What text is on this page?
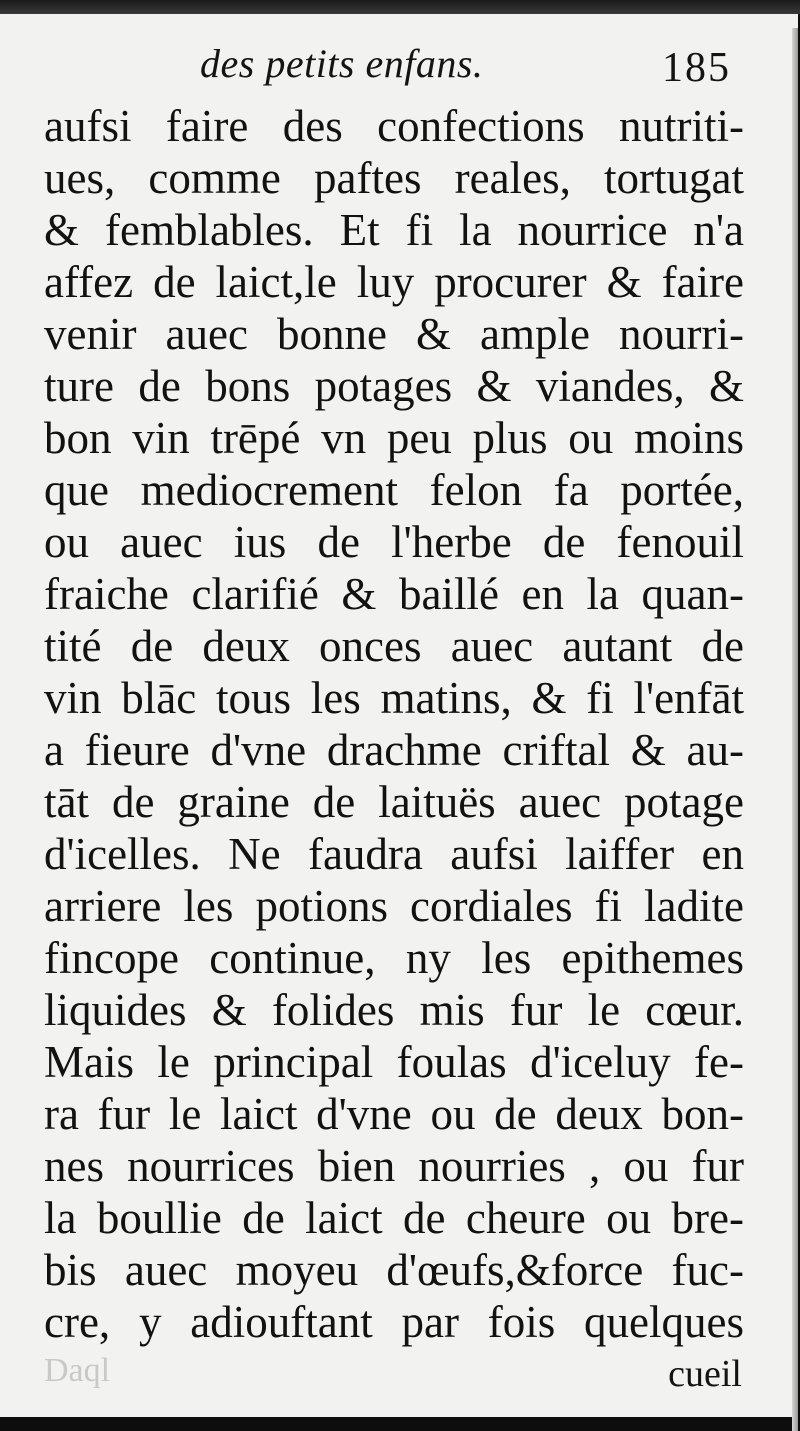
des petits enfans.	185
aufsi faire des confections nutriti-
ues, comme paftes reales, tortugat
& femblables. Et fi la nourrice n'a
affez de laict,le luy procurer & faire
venir auec bonne & ample nourri-
ture de bons potages & viandes, &
bon vin trēpé vn peu plus ou moins
que mediocrement felon fa portée,
ou auec ius de l'herbe de fenouil
fraiche clarifié & baillé en la quan-
tité de deux onces auec autant de
vin blāc tous les matins, & fi l'enfāt
a fieure d'vne drachme criftal & au-
tāt de graine de laituës auec potage
d'icelles. Ne faudra aufsi laiffer en
arriere les potions cordiales fi ladite
fincope continue, ny les epithemes
liquides & folides mis fur le cœur.
Mais le principal foulas d'iceluy fe-
ra fur le laict d'vne ou de deux bon-
nes nourrices bien nourries , ou fur
la boullie de laict de cheure ou bre-
bis auec moyeu d'œufs,&force fuc-
cre, y adiouftant par fois quelques
Daql	cueil
